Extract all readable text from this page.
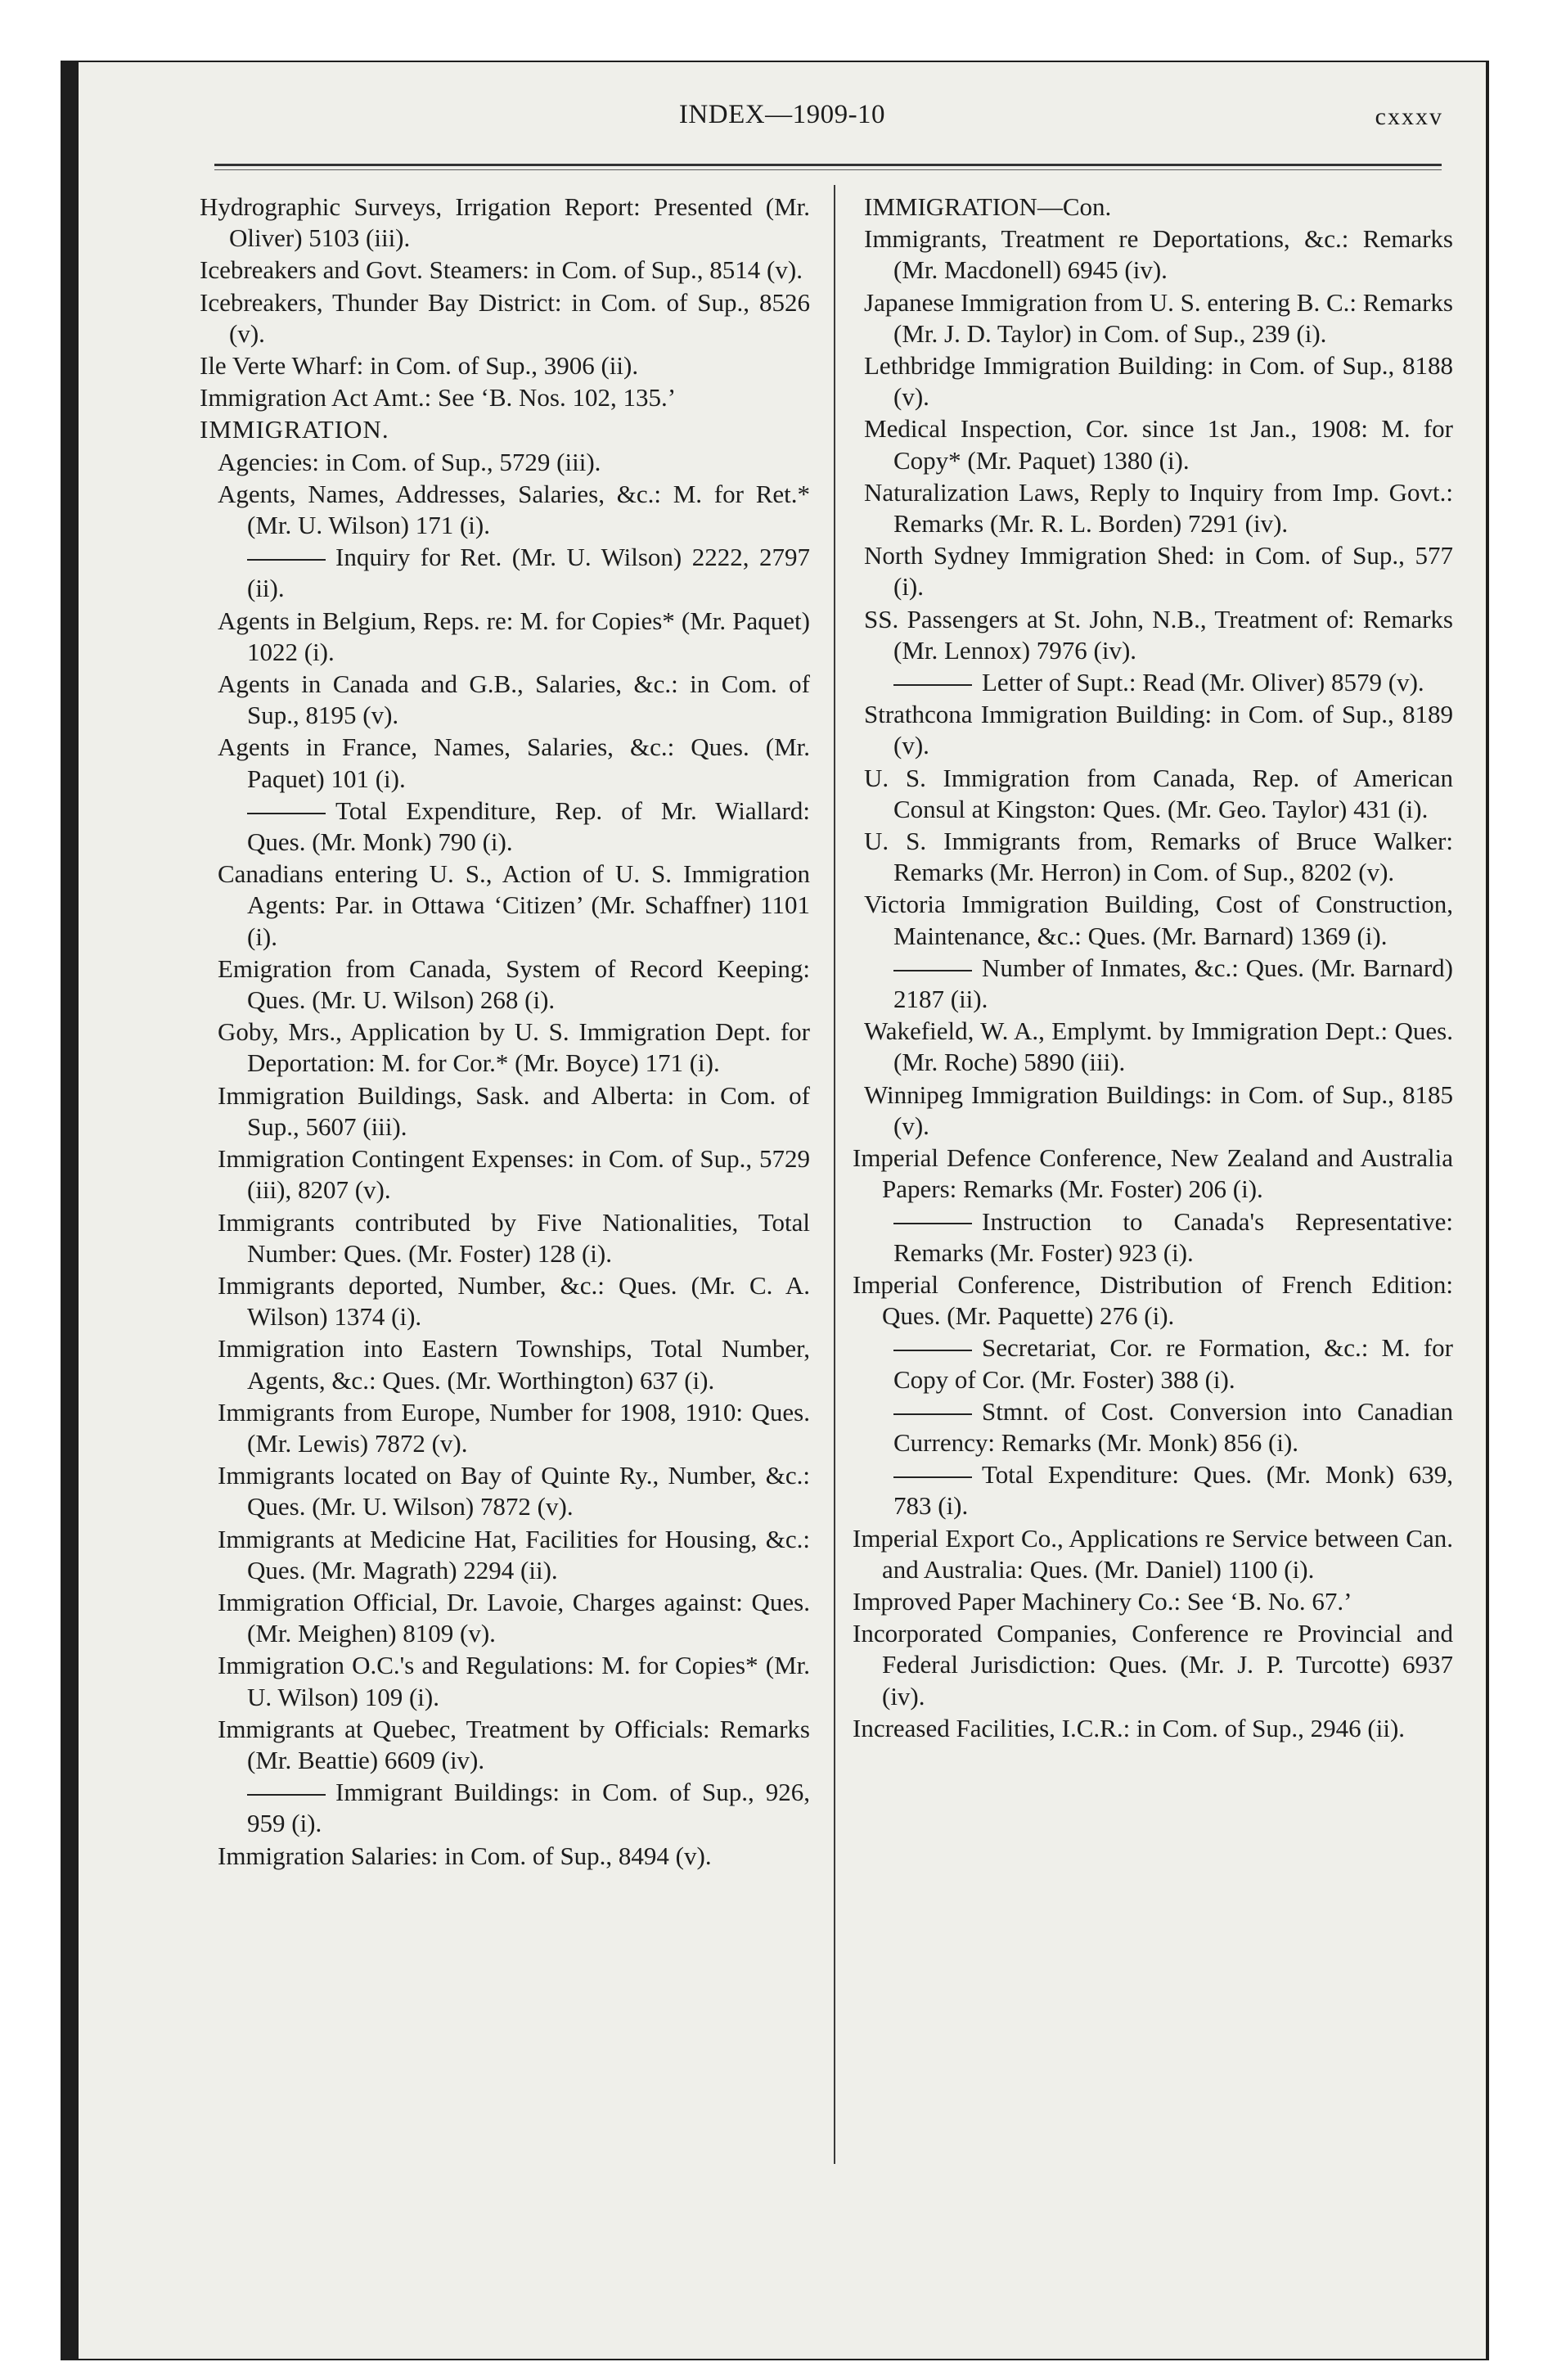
INDEX—1909-10	cxxxv

Hydrographic Surveys, Irrigation Report: Presented (Mr. Oliver) 5103 (iii).

Icebreakers and Govt. Steamers: in Com. of Sup., 8514 (v).

Icebreakers, Thunder Bay District: in Com. of Sup., 8526 (v).

Ile Verte Wharf: in Com. of Sup., 3906 (ii).

Immigration Act Amt.: See ‘B. Nos. 102, 135.’

IMMIGRATION.

Agencies: in Com. of Sup., 5729 (iii).

Agents, Names, Addresses, Salaries, &c.: M. for Ret.* (Mr. U. Wilson) 171 (i).

Inquiry for Ret. (Mr. U. Wilson) 2222, 2797 (ii).

Agents in Belgium, Reps. re: M. for Copies* (Mr. Paquet) 1022 (i).

Agents in Canada and G.B., Salaries, &c.: in Com. of Sup., 8195 (v).

Agents in France, Names, Salaries, &c.: Ques. (Mr. Paquet) 101 (i).

Total Expenditure, Rep. of Mr. Wiallard: Ques. (Mr. Monk) 790 (i).

Canadians entering U. S., Action of U. S. Immigration Agents: Par. in Ottawa ‘Citizen’ (Mr. Schaffner) 1101 (i).

Emigration from Canada, System of Record Keeping: Ques. (Mr. U. Wilson) 268 (i).

Goby, Mrs., Application by U. S. Immigration Dept. for Deportation: M. for Cor.* (Mr. Boyce) 171 (i).

Immigration Buildings, Sask. and Alberta: in Com. of Sup., 5607 (iii).

Immigration Contingent Expenses: in Com. of Sup., 5729 (iii), 8207 (v).

Immigrants contributed by Five Nationalities, Total Number: Ques. (Mr. Foster) 128 (i).

Immigrants deported, Number, &c.: Ques. (Mr. C. A. Wilson) 1374 (i).

Immigration into Eastern Townships, Total Number, Agents, &c.: Ques. (Mr. Worthington) 637 (i).

Immigrants from Europe, Number for 1908, 1910: Ques. (Mr. Lewis) 7872 (v).

Immigrants located on Bay of Quinte Ry., Number, &c.: Ques. (Mr. U. Wilson) 7872 (v).

Immigrants at Medicine Hat, Facilities for Housing, &c.: Ques. (Mr. Magrath) 2294 (ii).

Immigration Official, Dr. Lavoie, Charges against: Ques. (Mr. Meighen) 8109 (v).

Immigration O.C.'s and Regulations: M. for Copies* (Mr. U. Wilson) 109 (i).

Immigrants at Quebec, Treatment by Officials: Remarks (Mr. Beattie) 6609 (iv).

Immigrant Buildings: in Com. of Sup., 926, 959 (i).

Immigration Salaries: in Com. of Sup., 8494 (v).

IMMIGRATION—Con.

Immigrants, Treatment re Deportations, &c.: Remarks (Mr. Macdonell) 6945 (iv).

Japanese Immigration from U. S. entering B. C.: Remarks (Mr. J. D. Taylor) in Com. of Sup., 239 (i).

Lethbridge Immigration Building: in Com. of Sup., 8188 (v).

Medical Inspection, Cor. since 1st Jan., 1908: M. for Copy* (Mr. Paquet) 1380 (i).

Naturalization Laws, Reply to Inquiry from Imp. Govt.: Remarks (Mr. R. L. Borden) 7291 (iv).

North Sydney Immigration Shed: in Com. of Sup., 577 (i).

SS. Passengers at St. John, N.B., Treatment of: Remarks (Mr. Lennox) 7976 (iv).

Letter of Supt.: Read (Mr. Oliver) 8579 (v).

Strathcona Immigration Building: in Com. of Sup., 8189 (v).

U. S. Immigration from Canada, Rep. of American Consul at Kingston: Ques. (Mr. Geo. Taylor) 431 (i).

U. S. Immigrants from, Remarks of Bruce Walker: Remarks (Mr. Herron) in Com. of Sup., 8202 (v).

Victoria Immigration Building, Cost of Construction, Maintenance, &c.: Ques. (Mr. Barnard) 1369 (i).

Number of Inmates, &c.: Ques. (Mr. Barnard) 2187 (ii).

Wakefield, W. A., Emplymt. by Immigration Dept.: Ques. (Mr. Roche) 5890 (iii).

Winnipeg Immigration Buildings: in Com. of Sup., 8185 (v).

Imperial Defence Conference, New Zealand and Australia Papers: Remarks (Mr. Foster) 206 (i).

Instruction to Canada's Representative: Remarks (Mr. Foster) 923 (i).

Imperial Conference, Distribution of French Edition: Ques. (Mr. Paquette) 276 (i).

Secretariat, Cor. re Formation, &c.: M. for Copy of Cor. (Mr. Foster) 388 (i).

Stmnt. of Cost. Conversion into Canadian Currency: Remarks (Mr. Monk) 856 (i).

Total Expenditure: Ques. (Mr. Monk) 639, 783 (i).

Imperial Export Co., Applications re Service between Can. and Australia: Ques. (Mr. Daniel) 1100 (i).

Improved Paper Machinery Co.: See ‘B. No. 67.’

Incorporated Companies, Conference re Provincial and Federal Jurisdiction: Ques. (Mr. J. P. Turcotte) 6937 (iv).

Increased Facilities, I.C.R.: in Com. of Sup., 2946 (ii).
